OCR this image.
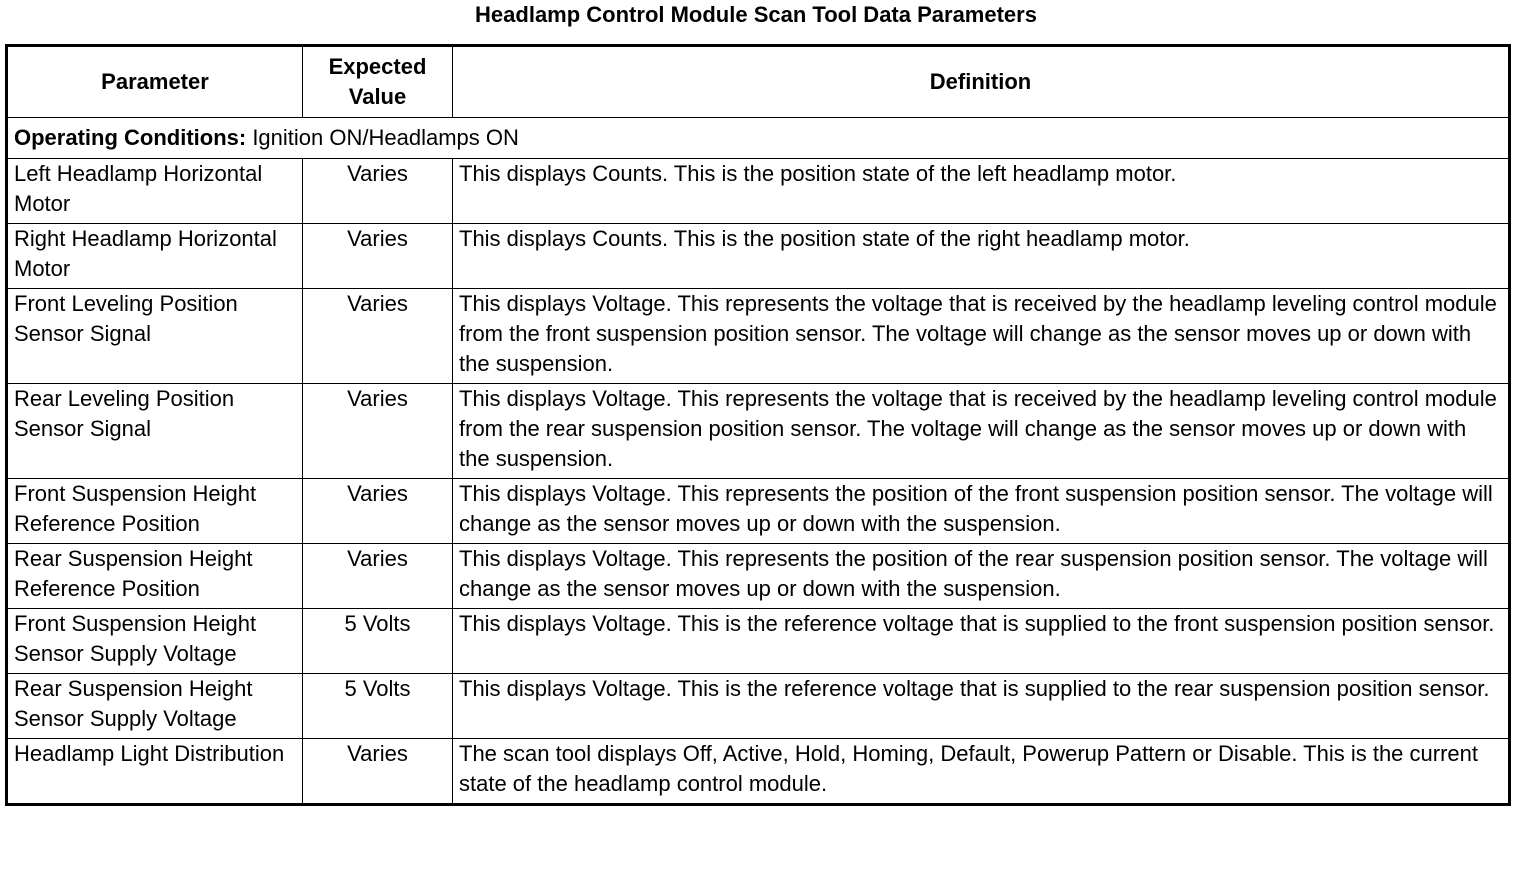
Headlamp Control Module Scan Tool Data Parameters
Parameter	Expected Value	Definition
Operating Conditions: Ignition ON/Headlamps ON		
Left Headlamp Horizontal Motor	Varies	This displays Counts. This is the position state of the left headlamp motor.
Right Headlamp Horizontal Motor	Varies	This displays Counts. This is the position state of the right headlamp motor.
Front Leveling Position Sensor Signal	Varies	This displays Voltage. This represents the voltage that is received by the headlamp leveling control module from the front suspension position sensor. The voltage will change as the sensor moves up or down with the suspension.
Rear Leveling Position Sensor Signal	Varies	This displays Voltage. This represents the voltage that is received by the headlamp leveling control module from the rear suspension position sensor. The voltage will change as the sensor moves up or down with the suspension.
Front Suspension Height Reference Position	Varies	This displays Voltage. This represents the position of the front suspension position sensor. The voltage will change as the sensor moves up or down with the suspension.
Rear Suspension Height Reference Position	Varies	This displays Voltage. This represents the position of the rear suspension position sensor. The voltage will change as the sensor moves up or down with the suspension.
Front Suspension Height Sensor Supply Voltage	5 Volts	This displays Voltage. This is the reference voltage that is supplied to the front suspension position sensor.
Rear Suspension Height Sensor Supply Voltage	5 Volts	This displays Voltage. This is the reference voltage that is supplied to the rear suspension position sensor.
Headlamp Light Distribution	Varies	The scan tool displays Off, Active, Hold, Homing, Default, Powerup Pattern or Disable. This is the current state of the headlamp control module.
